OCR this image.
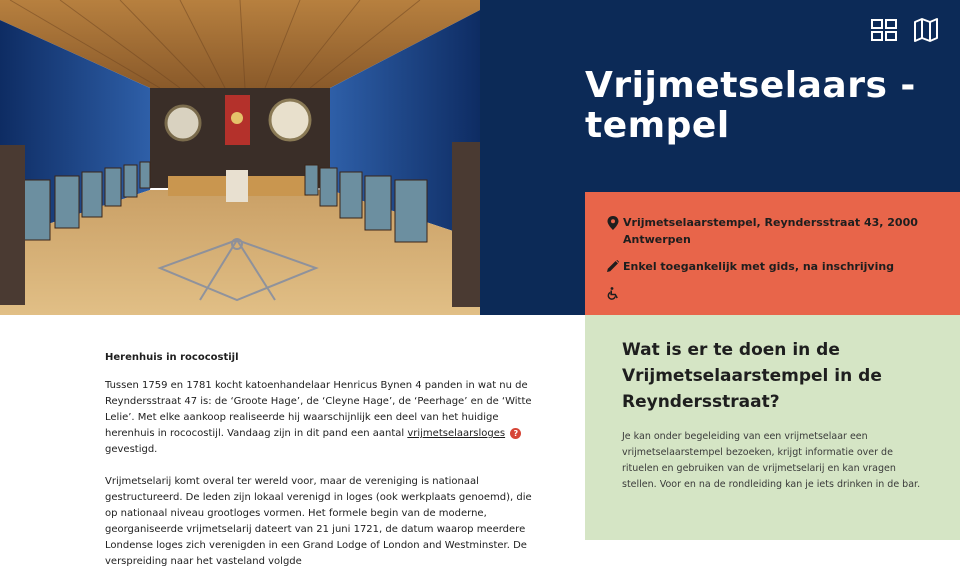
Vrijmetselaars - tempel
Vrijmetselaarstempel, Reyndersstraat 43, 2000 Antwerpen
Enkel toegankelijk met gids, na inschrijving
Herenhuis in rococostijl

Tussen 1759 en 1781 kocht katoenhandelaar Henricus Bynen 4 panden in wat nu de Reyndersstraat 47 is: de ‘Groote Hage’, de ‘Cleyne Hage’, de ‘Peerhage’ en de ‘Witte Lelie’. Met elke aankoop realiseerde hij waarschijnlijk een deel van het huidige herenhuis in rococostijl. Vandaag zijn in dit pand een aantal vrijmetselaarsloges ? gevestigd.

Vrijmetselarij komt overal ter wereld voor, maar de vereniging is nationaal gestructureerd. De leden zijn lokaal verenigd in loges (ook werkplaats genoemd), die op nationaal niveau grootloges vormen. Het formele begin van de moderne, georganiseerde vrijmetselarij dateert van 21 juni 1721, de datum waarop meerdere Londense loges zich verenigden in een Grand Lodge of London and Westminster. De verspreiding naar het vasteland volgde

Wat is er te doen in de Vrijmetselaarstempel in de Reyndersstraat?

Je kan onder begeleiding van een vrijmetselaar een vrijmetselaarstempel bezoeken, krijgt informatie over de rituelen en gebruiken van de vrijmetselarij en kan vragen stellen. Voor en na de rondleiding kan je iets drinken in de bar.
